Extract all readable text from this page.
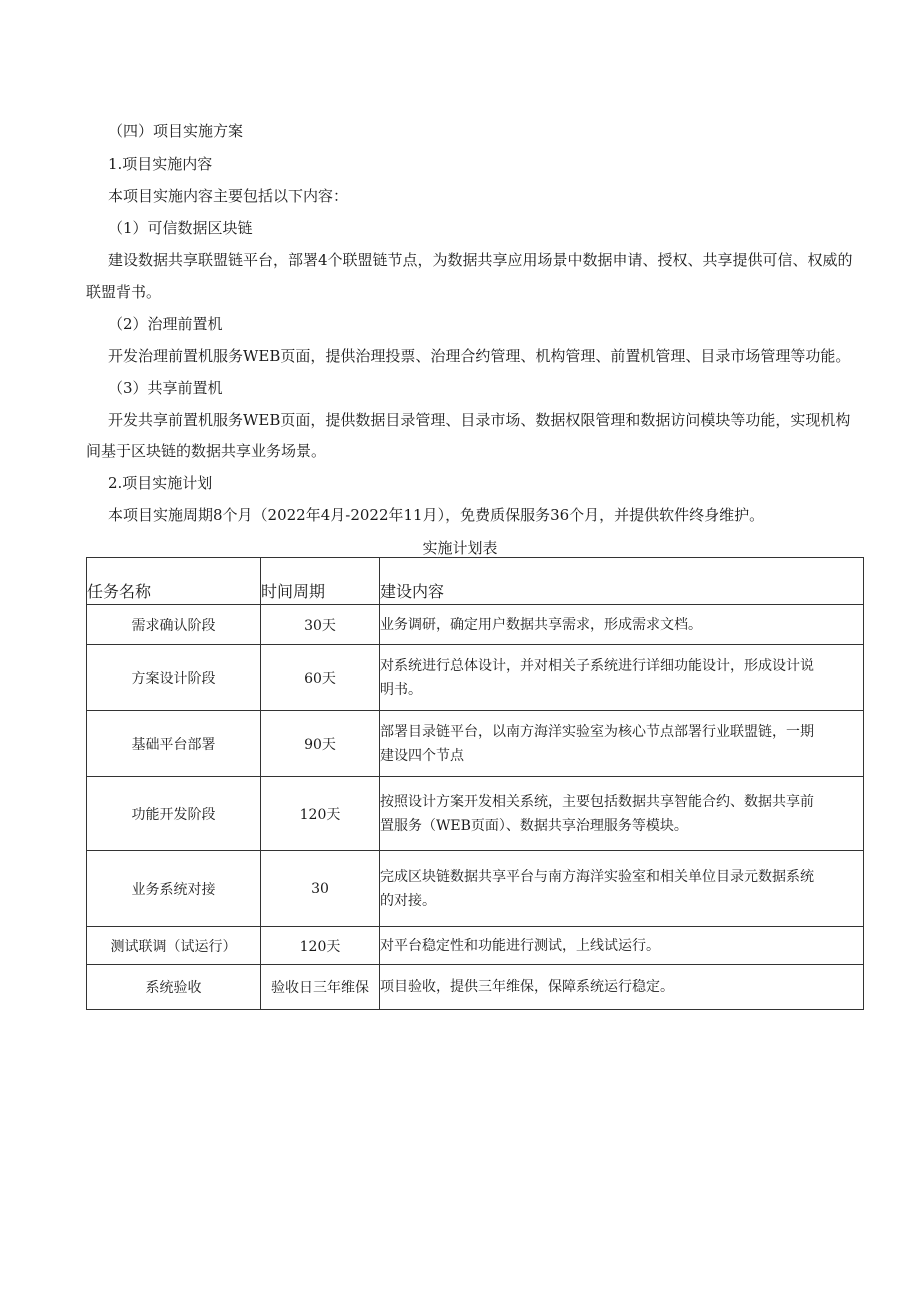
（四）项目实施方案
1.项目实施内容
本项目实施内容主要包括以下内容：
（1）可信数据区块链
建设数据共享联盟链平台，部署4个联盟链节点，为数据共享应用场景中数据申请、授权、共享提供可信、权威的
联盟背书。
（2）治理前置机
开发治理前置机服务WEB页面，提供治理投票、治理合约管理、机构管理、前置机管理、目录市场管理等功能。
（3）共享前置机
开发共享前置机服务WEB页面，提供数据目录管理、目录市场、数据权限管理和数据访问模块等功能，实现机构
间基于区块链的数据共享业务场景。
2.项目实施计划
本项目实施周期8个月（2022年4月-2022年11月），免费质保服务36个月，并提供软件终身维护。
实施计划表
任务名称	时间周期	建设内容
需求确认阶段	30天	业务调研，确定用户数据共享需求，形成需求文档。

方案设计阶段	60天	对系统进行总体设计，并对相关子系统进行详细功能设计，形成设计说
明书。

基础平台部署	90天	部署目录链平台，以南方海洋实验室为核心节点部署行业联盟链，一期
建设四个节点

功能开发阶段	120天	按照设计方案开发相关系统，主要包括数据共享智能合约、数据共享前
置服务（WEB页面）、数据共享治理服务等模块。

业务系统对接	30	完成区块链数据共享平台与南方海洋实验室和相关单位目录元数据系统
的对接。

测试联调（试运行）	120天	对平台稳定性和功能进行测试，上线试运行。

系统验收	验收日三年维保	项目验收，提供三年维保，保障系统运行稳定。
